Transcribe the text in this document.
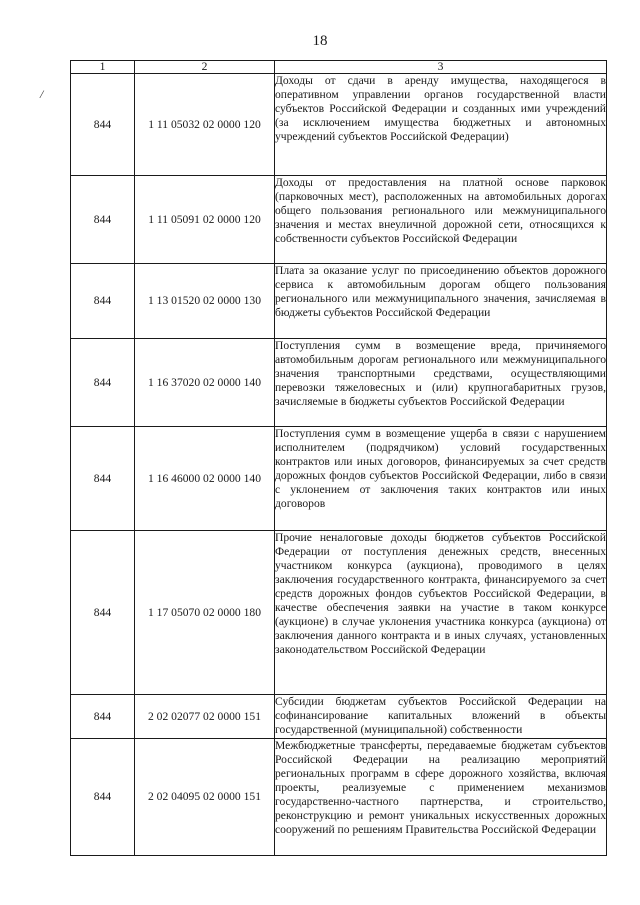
18
/
1	2	3
844	1 11 05032 02 0000 120	Доходы от сдачи в аренду имущества, находящегося в оперативном управлении органов государственной власти субъектов Российской Федерации и созданных ими учреждений (за исключением имущества бюджетных и автономных учреждений субъектов Российской Федерации)
844	1 11 05091 02 0000 120	Доходы от предоставления на платной основе парковок (парковочных мест), расположенных на автомобильных дорогах общего пользования регионального или межмуниципального значения и местах внеуличной дорожной сети, относящихся к собственности субъектов Российской Федерации
844	1 13 01520 02 0000 130	Плата за оказание услуг по присоединению объектов дорожного сервиса к автомобильным дорогам общего пользования регионального или межмуниципального значения, зачисляемая в бюджеты субъектов Российской Федерации
844	1 16 37020 02 0000 140	Поступления сумм в возмещение вреда, причиняемого автомобильным дорогам регионального или межмуниципального значения транспортными средствами, осуществляющими перевозки тяжеловесных и (или) крупногабаритных грузов, зачисляемые в бюджеты субъектов Российской Федерации
844	1 16 46000 02 0000 140	Поступления сумм в возмещение ущерба в связи с нарушением исполнителем (подрядчиком) условий государственных контрактов или иных договоров, финансируемых за счет средств дорожных фондов субъектов Российской Федерации, либо в связи с уклонением от заключения таких контрактов или иных договоров
844	1 17 05070 02 0000 180	Прочие неналоговые доходы бюджетов субъектов Российской Федерации от поступления денежных средств, внесенных участником конкурса (аукциона), проводимого в целях заключения государственного контракта, финансируемого за счет средств дорожных фондов субъектов Российской Федерации, в качестве обеспечения заявки на участие в таком конкурсе (аукционе) в случае уклонения участника конкурса (аукциона) от заключения данного контракта и в иных случаях, установленных законодательством Российской Федерации
844	2 02 02077 02 0000 151	Субсидии бюджетам субъектов Российской Федерации на софинансирование капитальных вложений в объекты государственной (муниципальной) собственности
844	2 02 04095 02 0000 151	Межбюджетные трансферты, передаваемые бюджетам субъектов Российской Федерации на реализацию мероприятий региональных программ в сфере дорожного хозяйства, включая проекты, реализуемые с применением механизмов государственно-частного партнерства, и строительство, реконструкцию и ремонт уникальных искусственных дорожных сооружений по решениям Правительства Российской Федерации
